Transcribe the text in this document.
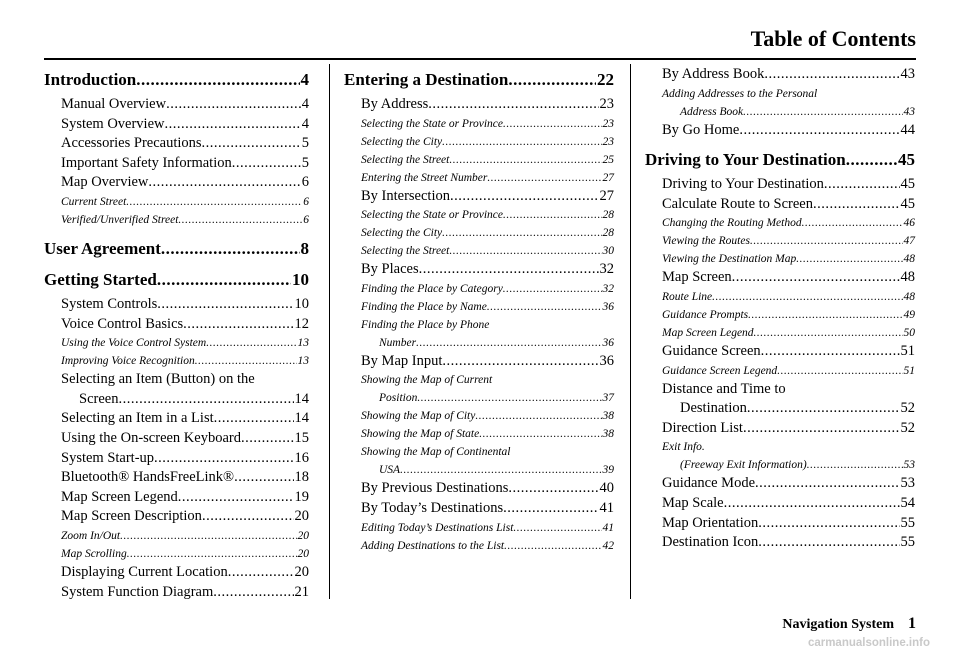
Table of Contents
Introduction .....	4
Manual Overview .....	4
System Overview .....	4
Accessories Precautions .....	5
Important Safety Information .....	5
Map Overview .....	6
Current Street .....	6
Verified/Unverified Street .....	6
User Agreement .....	8
Getting Started .....	10
System Controls .....	10
Voice Control Basics .....	12
Using the Voice Control System .....	13
Improving Voice Recognition .....	13
Selecting an Item (Button) on the
Screen .....	14
Selecting an Item in a List .....	14
Using the On-screen Keyboard .....	15
System Start-up .....	16
Bluetooth® HandsFreeLink® .....	18
Map Screen Legend .....	19
Map Screen Description .....	20
Zoom In/Out .....	20
Map Scrolling .....	20
Displaying Current Location .....	20
System Function Diagram .....	21
Entering a Destination .....	22
By Address .....	23
Selecting the State or Province .....	23
Selecting the City .....	23
Selecting the Street .....	25
Entering the Street Number .....	27
By Intersection .....	27
Selecting the State or Province .....	28
Selecting the City .....	28
Selecting the Street .....	30
By Places .....	32
Finding the Place by Category .....	32
Finding the Place by Name .....	36
Finding the Place by Phone
Number .....	36
By Map Input .....	36
Showing the Map of Current
Position .....	37
Showing the Map of City .....	38
Showing the Map of State .....	38
Showing the Map of Continental
USA .....	39
By Previous Destinations .....	40
By Today’s Destinations .....	41
Editing Today’s Destinations List .....	41
Adding Destinations to the List .....	42
By Address Book .....	43
Adding Addresses to the Personal
Address Book .....	43
By Go Home .....	44
Driving to Your Destination .....	45
Driving to Your Destination .....	45
Calculate Route to Screen .....	45
Changing the Routing Method .....	46
Viewing the Routes .....	47
Viewing the Destination Map .....	48
Map Screen .....	48
Route Line .....	48
Guidance Prompts .....	49
Map Screen Legend .....	50
Guidance Screen .....	51
Guidance Screen Legend .....	51
Distance and Time to
Destination .....	52
Direction List .....	52
Exit Info.
(Freeway Exit Information) .....	53
Guidance Mode .....	53
Map Scale .....	54
Map Orientation .....	55
Destination Icon .....	55
Navigation System 1
carmanualsonline.info
